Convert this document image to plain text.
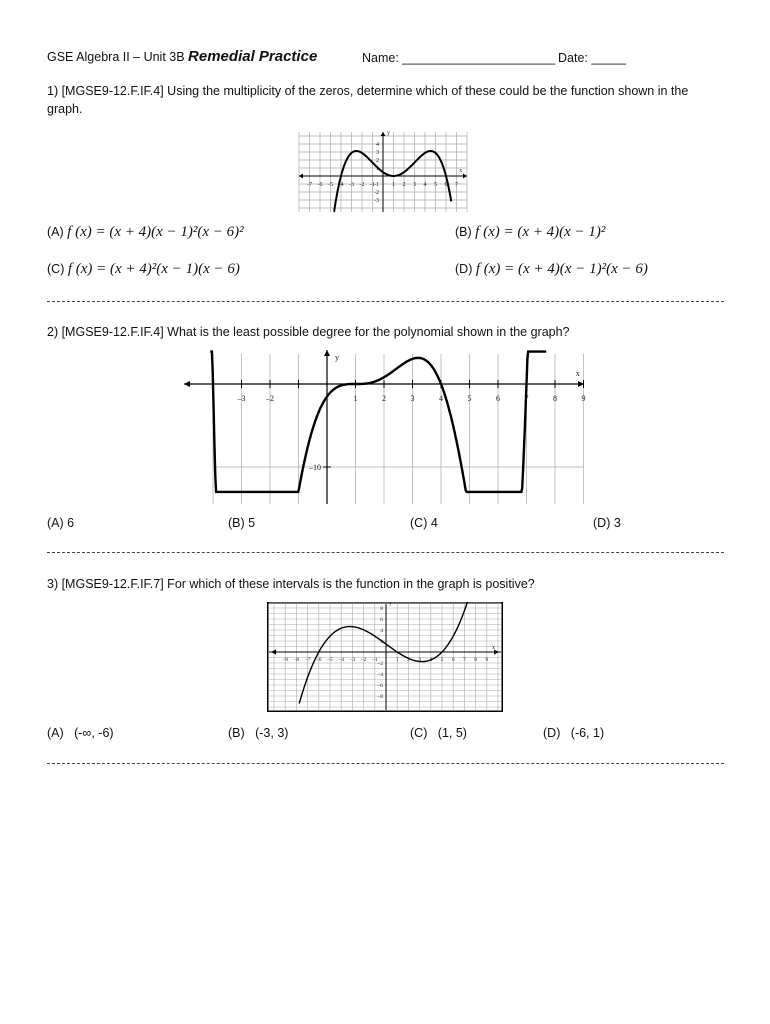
GSE Algebra II – Unit 3B Remedial Practice	Name: ______________________ Date: _____
1) [MGSE9-12.F.IF.4] Using the multiplicity of the zeros, determine which of these could be the function shown in the graph.
-7 -6 -5 -4 -3 -2 -1	1 2 3 4 5 6 7
4
3
2
1
-1
-2
-3
x
y
(A) f (x) = (x + 4)(x − 1)²(x − 6)²	(B) f (x) = (x + 4)(x − 1)²
(C) f (x) = (x + 4)²(x − 1)(x − 6)	(D) f (x) = (x + 4)(x − 1)²(x − 6)
2) [MGSE9-12.F.IF.4] What is the least possible degree for the polynomial shown in the graph?
–3	–2	1	2	3	4	5	6	7	8	9
–10
x
y
(A) 6	(B) 5	(C) 4	(D) 3
3) [MGSE9-12.F.IF.7] For which of these intervals is the function in the graph is positive?
–9 –8 –7 –6 –5 –4 –3 –2 –1	1 2 3 4 5 6 7 8 9
8
6
4
2
–2
–4
–6
–8
x
y
(A) (-∞, -6)	(B) (-3, 3)	(C) (1, 5)	(D) (-6, 1)
